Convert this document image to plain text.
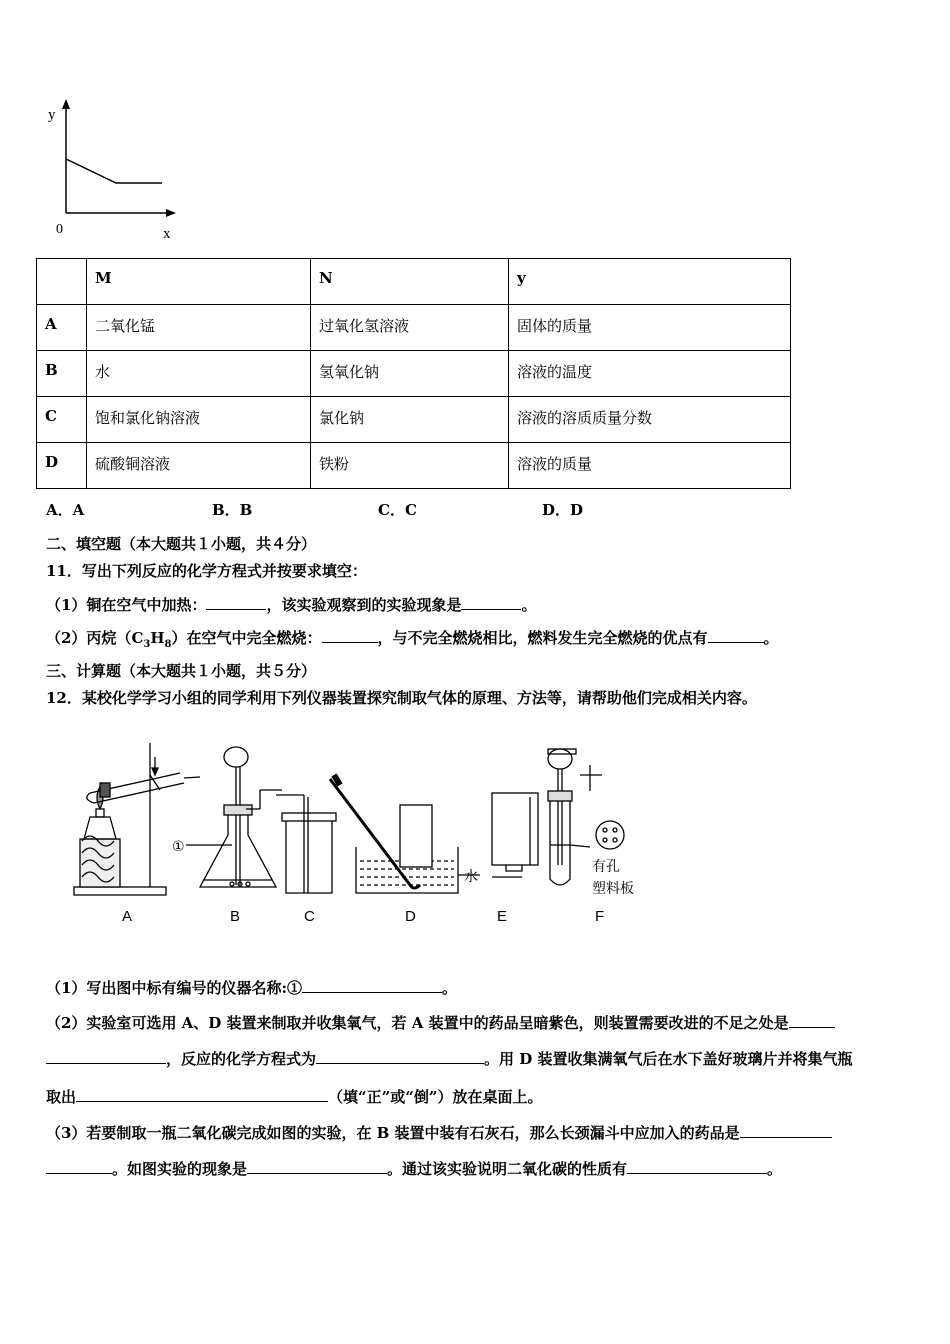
y
0	x
	M	N	y
A	二氧化锰	过氧化氢溶液	固体的质量
B	水	氢氧化钠	溶液的温度
C	饱和氯化钠溶液	氯化钠	溶液的溶质质量分数
D	硫酸铜溶液	铁粉	溶液的质量
A．A	B．B	C．C	D．D
二、填空题（本大题共１小题，共４分）
11．写出下列反应的化学方程式并按要求填空：
（1）铜在空气中加热：	，该实验观察到的实验现象是	。
（2）丙烷$(C_3H_8)$在空气中完全燃烧：	，与不完全燃烧相比，燃料发生完全燃烧的优点有	。
三、计算题（本大题共１小题，共５分）
12．某校化学学习小组的同学利用下列仪器装置探究制取气体的原理、方法等，请帮助他们完成相关内容。
①
水
有孔
塑料板
A	B	C	D	E	F
（1）写出图中标有编号的仪器名称:①	。
（2）实验室可选用 A、D 装置来制取并收集氧气，若 A 装置中的药品呈暗紫色，则装置需要改进的不足之处是
，反应的化学方程式为	。用 D 装置收集满氧气后在水下盖好玻璃片并将集气瓶
取出	（填“正”或“倒”）放在桌面上。
（3）若要制取一瓶二氧化碳完成如图的实验，在 B 装置中装有石灰石，那么长颈漏斗中应加入的药品是
。如图实验的现象是	。通过该实验说明二氧化碳的性质有	。
